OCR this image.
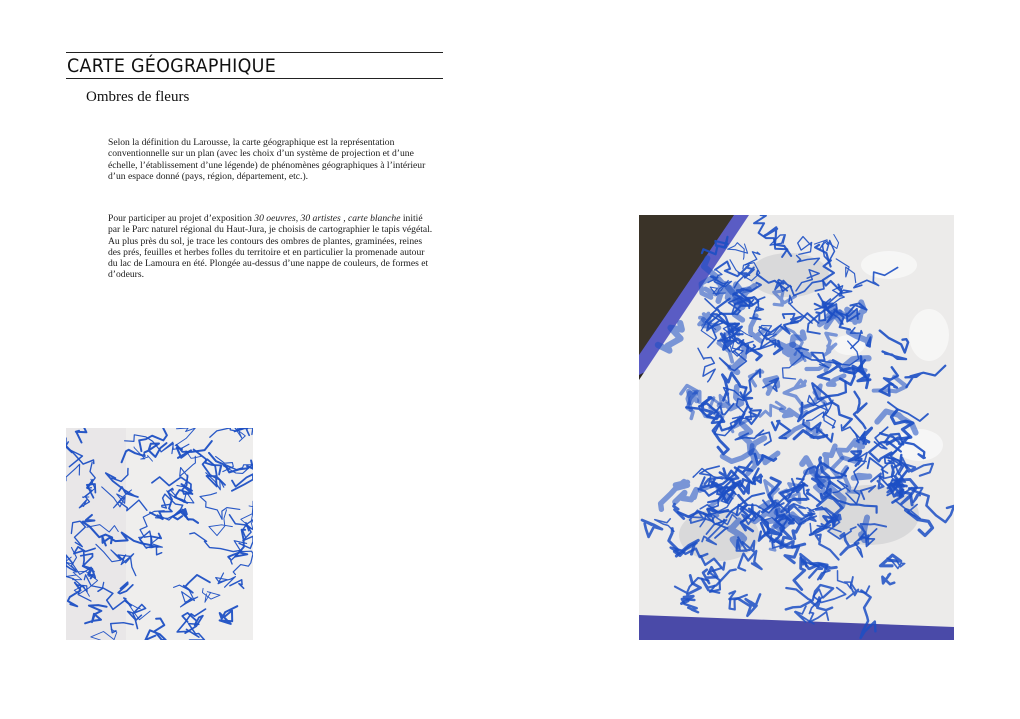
CARTE GÉOGRAPHIQUE
Ombres de fleurs

Selon la définition du Larousse, la carte géographique est la représentation conventionnelle sur un plan (avec les choix d’un système de projection et d’une échelle, l’établissement d’une légende) de phénomènes géographiques à l’intérieur d’un espace donné (pays, région, département, etc.).

Pour participer au projet d’exposition 30 oeuvres, 30 artistes , carte blanche initié par le Parc naturel régional du Haut-Jura, je choisis de cartographier le tapis végétal. Au plus près du sol, je trace les contours des ombres de plantes, graminées, reines des prés, feuilles et herbes folles du territoire et en particulier la promenade autour du lac de Lamoura en été. Plongée au-dessus d’une nappe de couleurs, de formes et d’odeurs.
